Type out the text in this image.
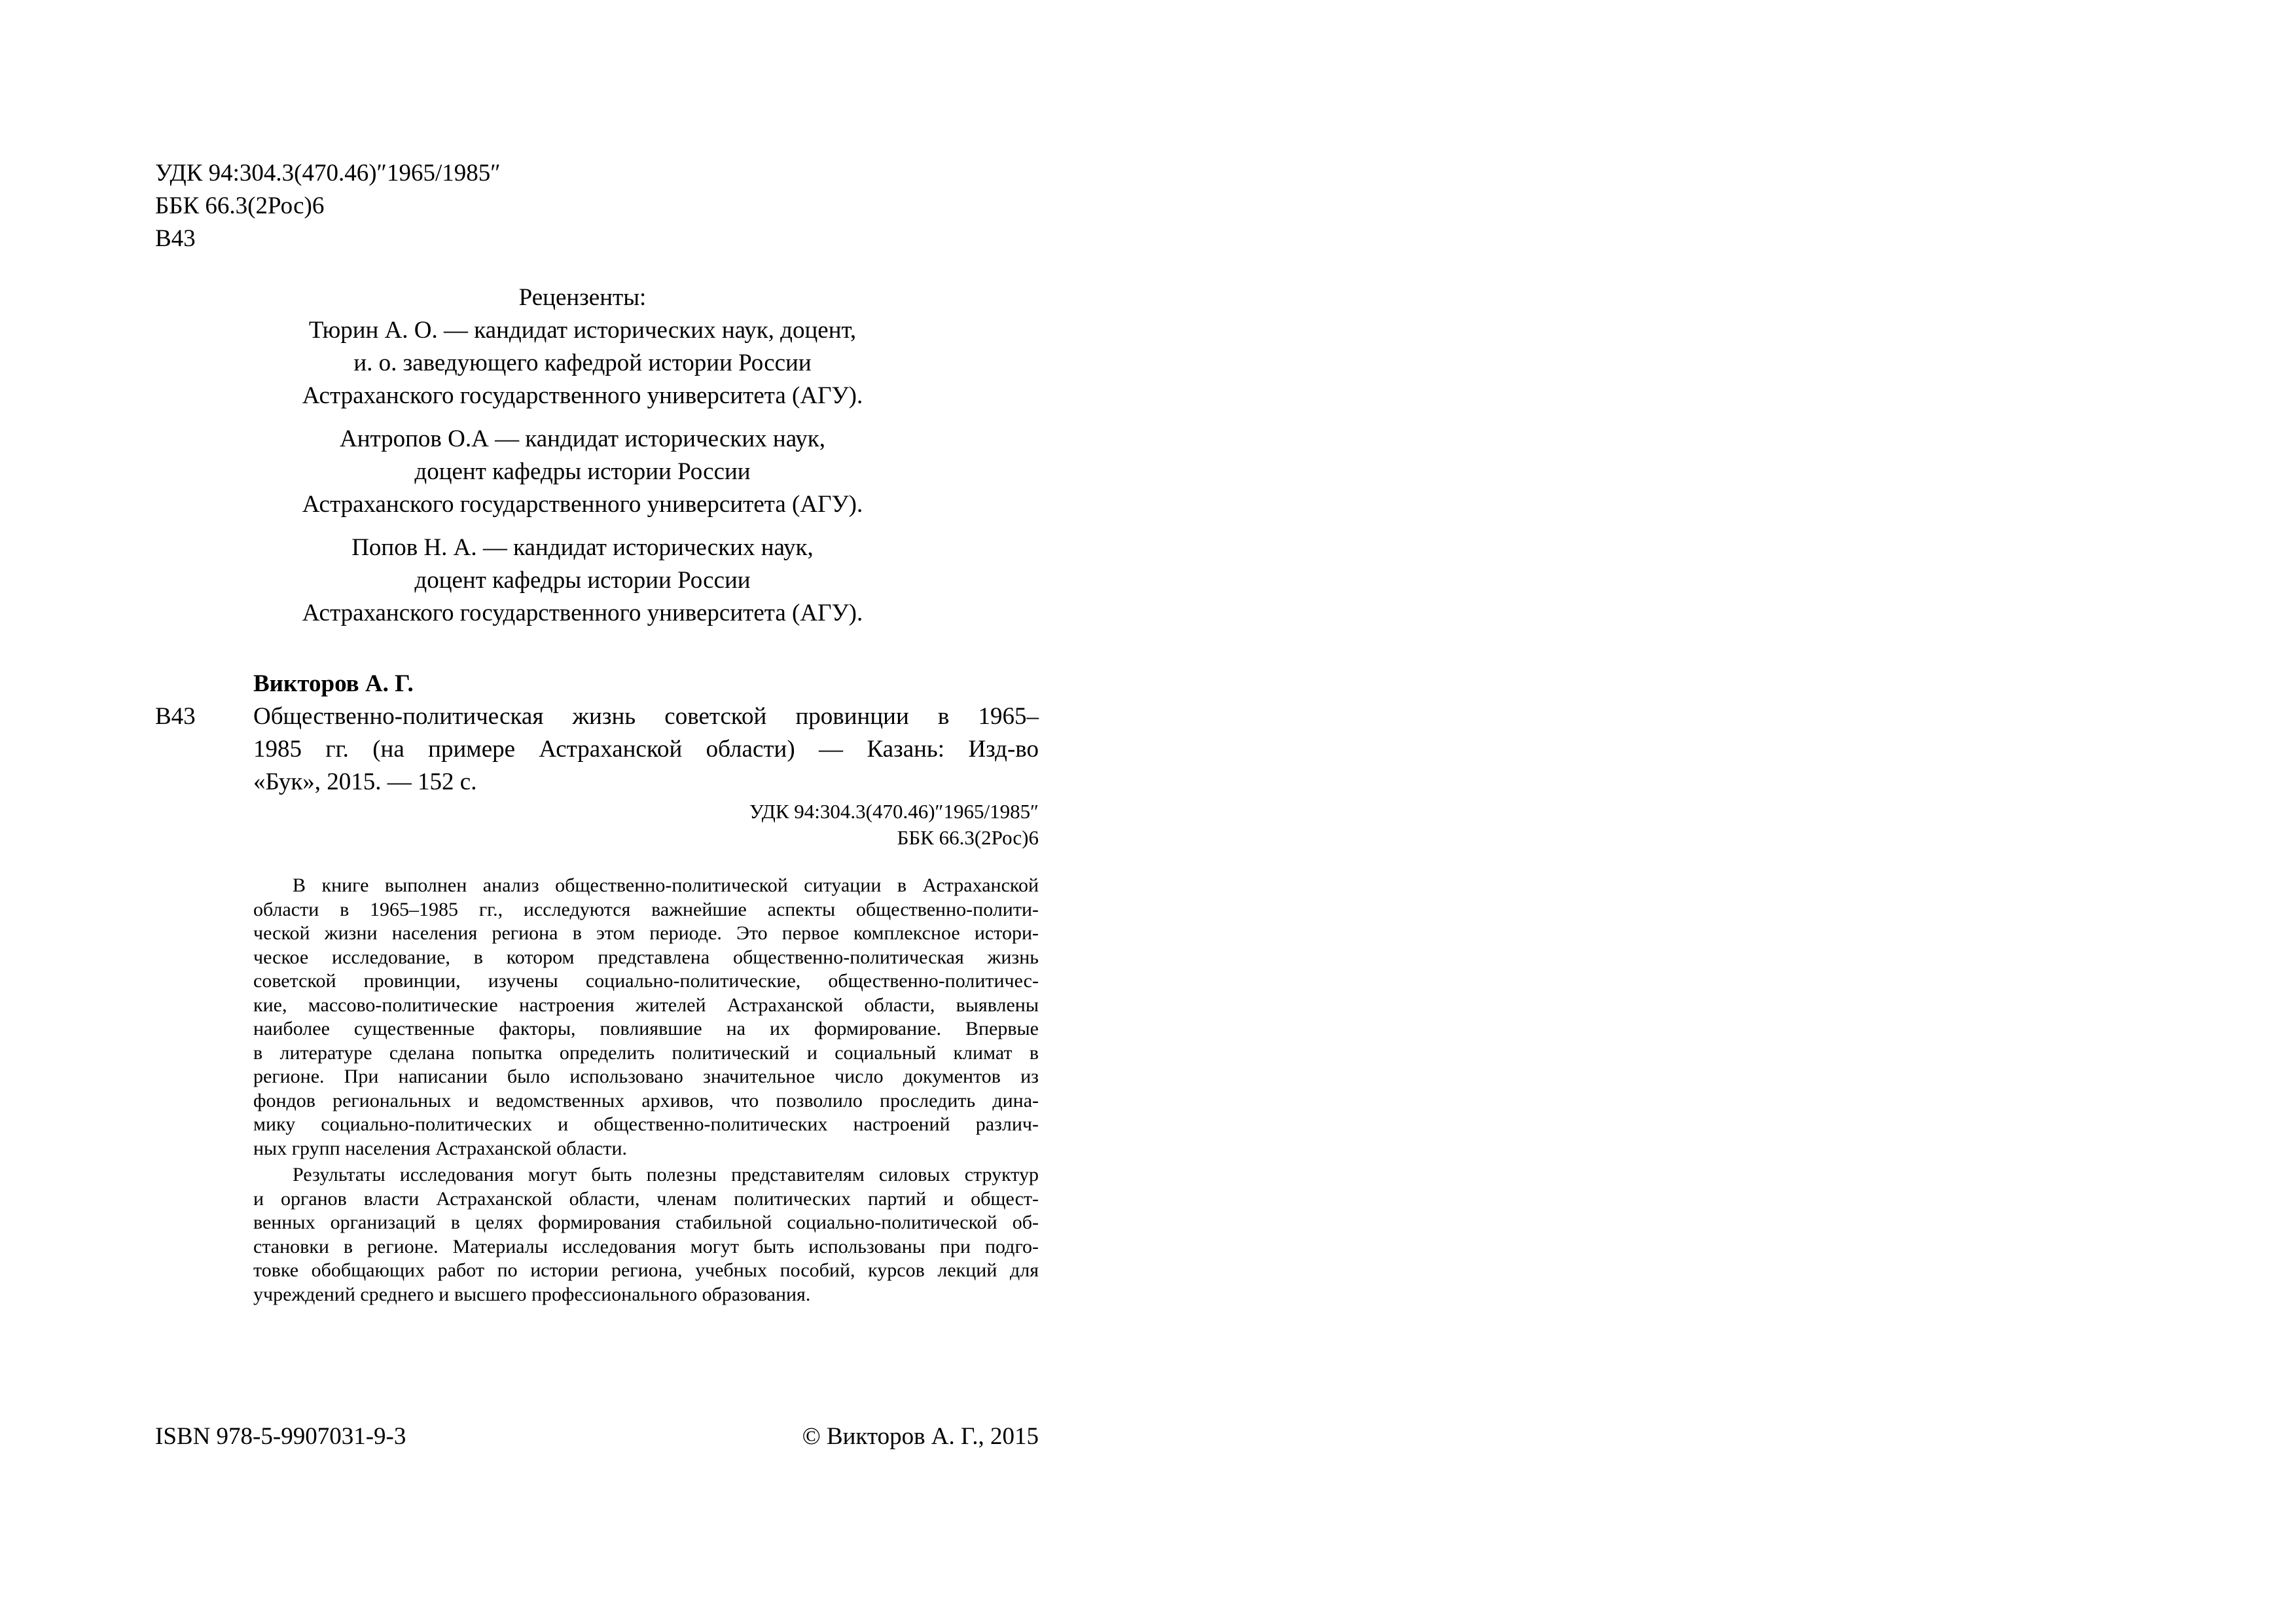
УДК 94:304.3(470.46)″1965/1985″
ББК 66.3(2Рос)6
В43
Рецензенты:
Тюрин А. О. — кандидат исторических наук, доцент,
и. о. заведующего кафедрой истории России
Астраханского государственного университета (АГУ).
Антропов О.А — кандидат исторических наук,
доцент кафедры истории России
Астраханского государственного университета (АГУ).
Попов Н. А. — кандидат исторических наук,
доцент кафедры истории России
Астраханского государственного университета (АГУ).
Викторов А. Г.
В43 Общественно-политическая жизнь советской провинции в 1965–
1985 гг. (на примере Астраханской области) — Казань: Изд-во
«Бук», 2015. — 152 с.
УДК 94:304.3(470.46)″1965/1985″
ББК 66.3(2Рос)6
В книге выполнен анализ общественно-политической ситуации в Астраханской
области в 1965–1985 гг., исследуются важнейшие аспекты общественно-полити-
ческой жизни населения региона в этом периоде. Это первое комплексное истори-
ческое исследование, в котором представлена общественно-политическая жизнь
советской провинции, изучены социально-политические, общественно-политичес-
кие, массово-политические настроения жителей Астраханской области, выявлены
наиболее существенные факторы, повлиявшие на их формирование. Впервые
в литературе сделана попытка определить политический и социальный климат в
регионе. При написании было использовано значительное число документов из
фондов региональных и ведомственных архивов, что позволило проследить дина-
мику социально-политических и общественно-политических настроений различ-
ных групп населения Астраханской области.
Результаты исследования могут быть полезны представителям силовых структур
и органов власти Астраханской области, членам политических партий и общест-
венных организаций в целях формирования стабильной социально-политической об-
становки в регионе. Материалы исследования могут быть использованы при подго-
товке обобщающих работ по истории региона, учебных пособий, курсов лекций для
учреждений среднего и высшего профессионального образования.
ISBN 978-5-9907031-9-3	© Викторов А. Г., 2015
